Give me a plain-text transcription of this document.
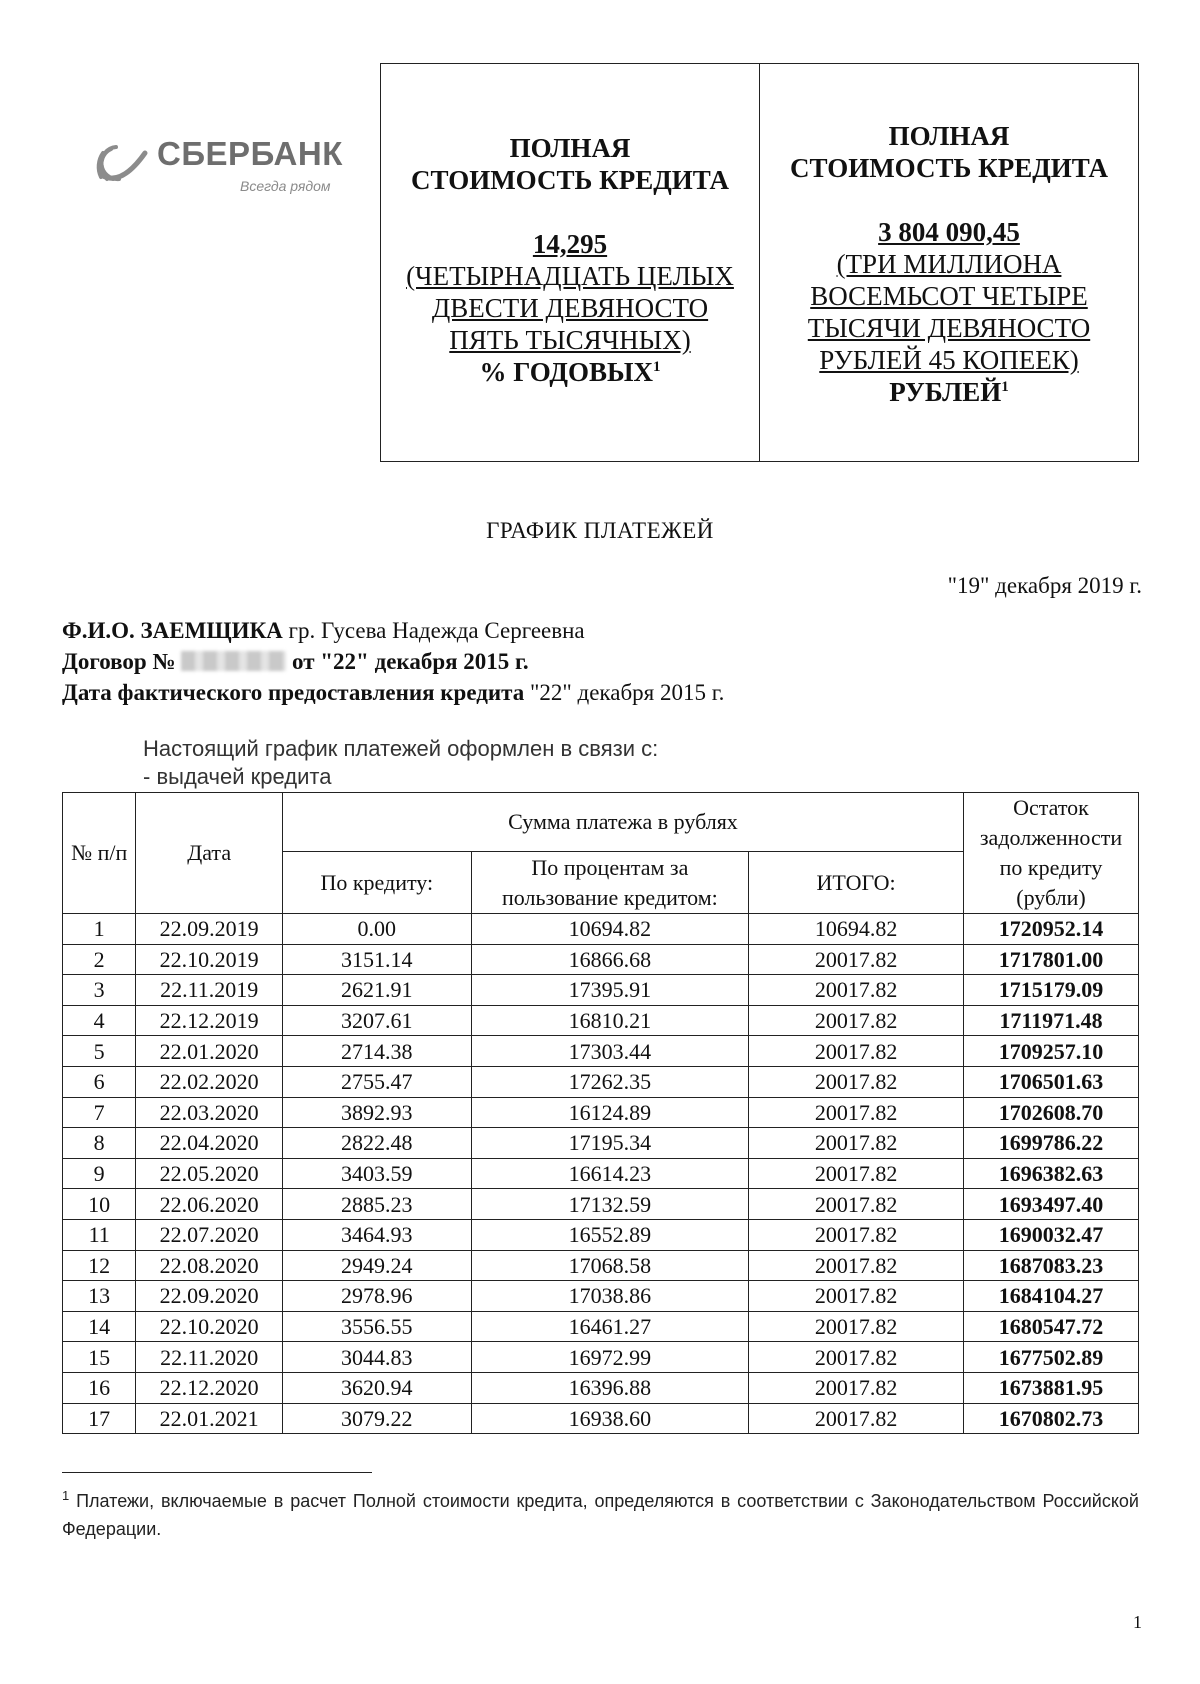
СБЕРБАНК
Всегда рядом
ПОЛНАЯ
СТОИМОСТЬ КРЕДИТА
14,295
(ЧЕТЫРНАДЦАТЬ ЦЕЛЫХ
ДВЕСТИ ДЕВЯНОСТО
ПЯТЬ ТЫСЯЧНЫХ)
% ГОДОВЫХ$^1$
ПОЛНАЯ
СТОИМОСТЬ КРЕДИТА
3 804 090,45
(ТРИ МИЛЛИОНА
ВОСЕМЬСОТ ЧЕТЫРЕ
ТЫСЯЧИ ДЕВЯНОСТО
РУБЛЕЙ 45 КОПЕЕК)
РУБЛЕЙ$^1$
ГРАФИК ПЛАТЕЖЕЙ
"19" декабря 2019 г.
Ф.И.О. ЗАЕМЩИКА гр. Гусева Надежда Сергеевна
Договор №	от "22" декабря 2015 г.
Дата фактического предоставления кредита "22" декабря 2015 г.
Настоящий график платежей оформлен в связи с:
- выдачей кредита
№ п/п	Дата	Сумма платежа в рублях			Остаток задолженности по кредиту (рубли)
		По кредиту:	По процентам за пользование кредитом:	ИТОГО:	
1	22.09.2019	0.00	10694.82	10694.82	1720952.14
2	22.10.2019	3151.14	16866.68	20017.82	1717801.00
3	22.11.2019	2621.91	17395.91	20017.82	1715179.09
4	22.12.2019	3207.61	16810.21	20017.82	1711971.48
5	22.01.2020	2714.38	17303.44	20017.82	1709257.10
6	22.02.2020	2755.47	17262.35	20017.82	1706501.63
7	22.03.2020	3892.93	16124.89	20017.82	1702608.70
8	22.04.2020	2822.48	17195.34	20017.82	1699786.22
9	22.05.2020	3403.59	16614.23	20017.82	1696382.63
10	22.06.2020	2885.23	17132.59	20017.82	1693497.40
11	22.07.2020	3464.93	16552.89	20017.82	1690032.47
12	22.08.2020	2949.24	17068.58	20017.82	1687083.23
13	22.09.2020	2978.96	17038.86	20017.82	1684104.27
14	22.10.2020	3556.55	16461.27	20017.82	1680547.72
15	22.11.2020	3044.83	16972.99	20017.82	1677502.89
16	22.12.2020	3620.94	16396.88	20017.82	1673881.95
17	22.01.2021	3079.22	16938.60	20017.82	1670802.73
$^1$ Платежи, включаемые в расчет Полной стоимости кредита, определяются в соответствии с Законодательством Российской Федерации.
1
